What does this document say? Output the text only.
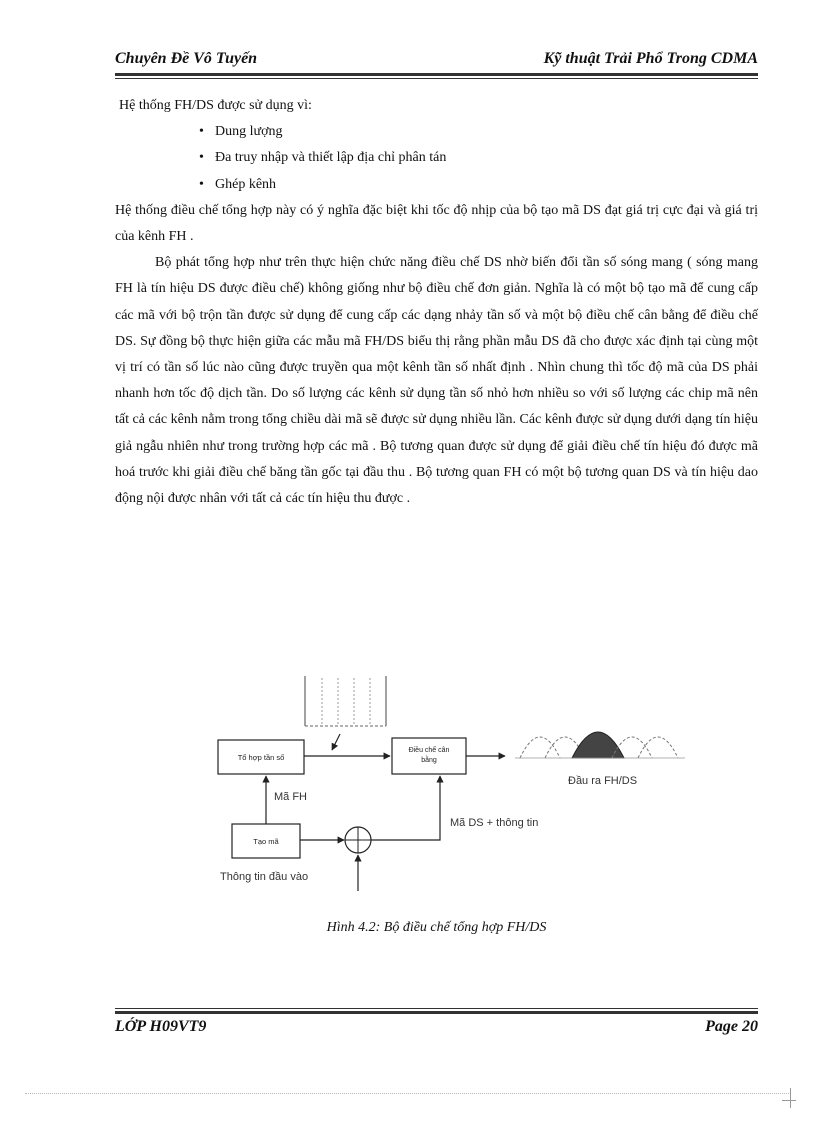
Chuyên Đề Vô Tuyến	Kỹ thuật Trải Phổ Trong CDMA

Hệ thống FH/DS được sử dụng vì:

• Dung lượng
• Đa truy nhập và thiết lập địa chỉ phân tán
• Ghép kênh

Hệ thống điều chế tổng hợp này có ý nghĩa đặc biệt khi tốc độ nhịp của bộ tạo mã DS đạt giá trị cực đại và giá trị của kênh FH .

Bộ phát tổng hợp như trên thực hiện chức năng điều chế DS nhờ biến đổi tần số sóng mang ( sóng mang FH là tín hiệu DS được điều chế) không giống như bộ điều chế đơn giản. Nghĩa là có một bộ tạo mã để cung cấp các mã với bộ trộn tần được sử dụng để cung cấp các dạng nhảy tần số và một bộ điều chế cân bằng để điều chế DS. Sự đồng bộ thực hiện giữa các mẫu mã FH/DS biểu thị rằng phần mẫu DS đã cho được xác định tại cùng một vị trí có tần số lúc nào cũng được truyền qua một kênh tần số nhất định . Nhìn chung thì tốc độ mã của DS phải nhanh hơn tốc độ dịch tần. Do số lượng các kênh sử dụng tần số nhỏ hơn nhiều so với số lượng các chip mã nên tất cả các kênh nằm trong tổng chiều dài mã sẽ được sử dụng nhiều lần. Các kênh được sử dụng dưới dạng tín hiệu giả ngẫu nhiên như trong trường hợp các mã . Bộ tương quan được sử dụng để giải điều chế tín hiệu đó được mã hoá trước khi giải điều chế băng tần gốc tại đầu thu . Bộ tương quan FH có một bộ tương quan DS và tín hiệu dao động nội được nhân với tất cả các tín hiệu thu được .

Tổ hợp tần số
Điều chế cân
bằng
Đầu ra FH/DS
Tạo mã
Mã FH
Mã DS + thông tin
Thông tin đầu vào
Hình 4.2: Bộ điều chế tổng hợp FH/DS
LỚP H09VT9	Page 20
